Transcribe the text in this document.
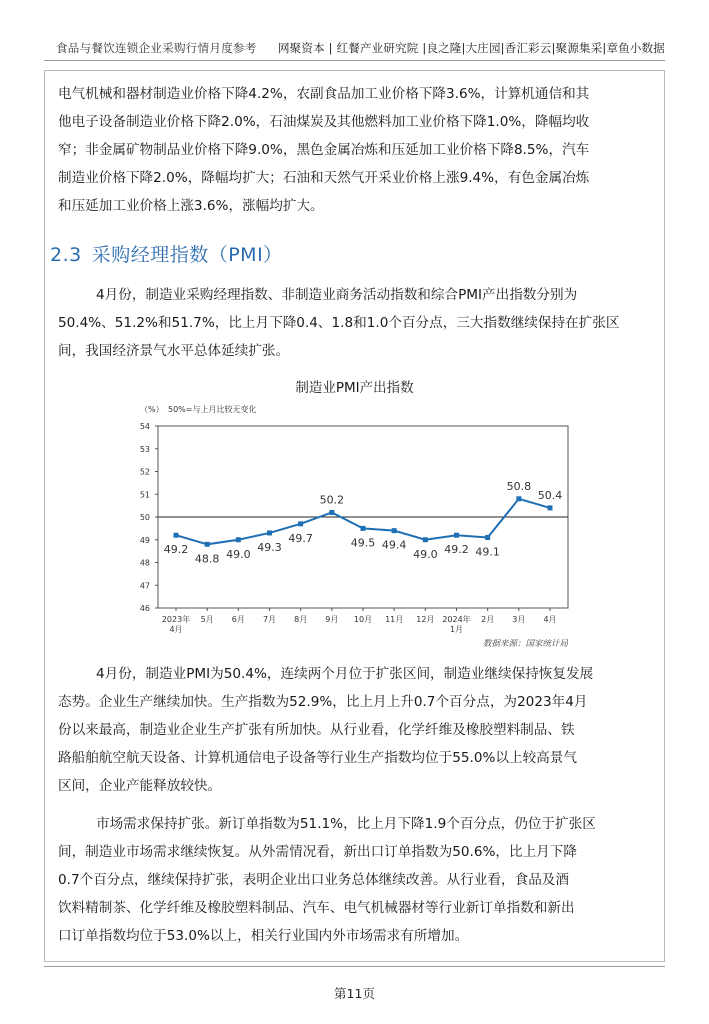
食品与餐饮连锁企业采购行情月度参考 网聚资本 | 红餐产业研究院 |良之隆|大庄园|香汇彩云|聚源集采|章鱼小数据

电气机械和器材制造业价格下降4.2%，农副食品加工业价格下降3.6%，计算机通信和其
他电子设备制造业价格下降2.0%，石油煤炭及其他燃料加工业价格下降1.0%，降幅均收
窄；非金属矿物制品业价格下降9.0%，黑色金属冶炼和压延加工业价格下降8.5%，汽车
制造业价格下降2.0%，降幅均扩大；石油和天然气开采业价格上涨9.4%，有色金属冶炼
和压延加工业价格上涨3.6%，涨幅均扩大。

2.3 采购经理指数（PMI）

4月份，制造业采购经理指数、非制造业商务活动指数和综合PMI产出指数分别为
50.4%、51.2%和51.7%，比上月下降0.4、1.8和1.0个百分点，三大指数继续保持在扩张区
间，我国经济景气水平总体延续扩张。

制造业PMI产出指数
（%） 50%=与上月比较无变化
46
47
48
49
50
51
52
53
54
2023年 4月
5月 6月 7月 8月 9月 10月 11月 12月 2024年 1月
2月 3月 4月
49.2
48.8 49.0
49.3
49.7
50.2
49.5 49.4
49.0 49.2 49.1
50.8
50.4
数据来源：国家统计局

4月份，制造业PMI为50.4%，连续两个月位于扩张区间，制造业继续保持恢复发展
态势。企业生产继续加快。生产指数为52.9%，比上月上升0.7个百分点，为2023年4月
份以来最高，制造业企业生产扩张有所加快。从行业看，化学纤维及橡胶塑料制品、铁
路船舶航空航天设备、计算机通信电子设备等行业生产指数均位于55.0%以上较高景气
区间，企业产能释放较快。

市场需求保持扩张。新订单指数为51.1%，比上月下降1.9个百分点，仍位于扩张区
间，制造业市场需求继续恢复。从外需情况看，新出口订单指数为50.6%，比上月下降
0.7个百分点，继续保持扩张，表明企业出口业务总体继续改善。从行业看，食品及酒
饮料精制茶、化学纤维及橡胶塑料制品、汽车、电气机械器材等行业新订单指数和新出
口订单指数均位于53.0%以上，相关行业国内外市场需求有所增加。

第11页
